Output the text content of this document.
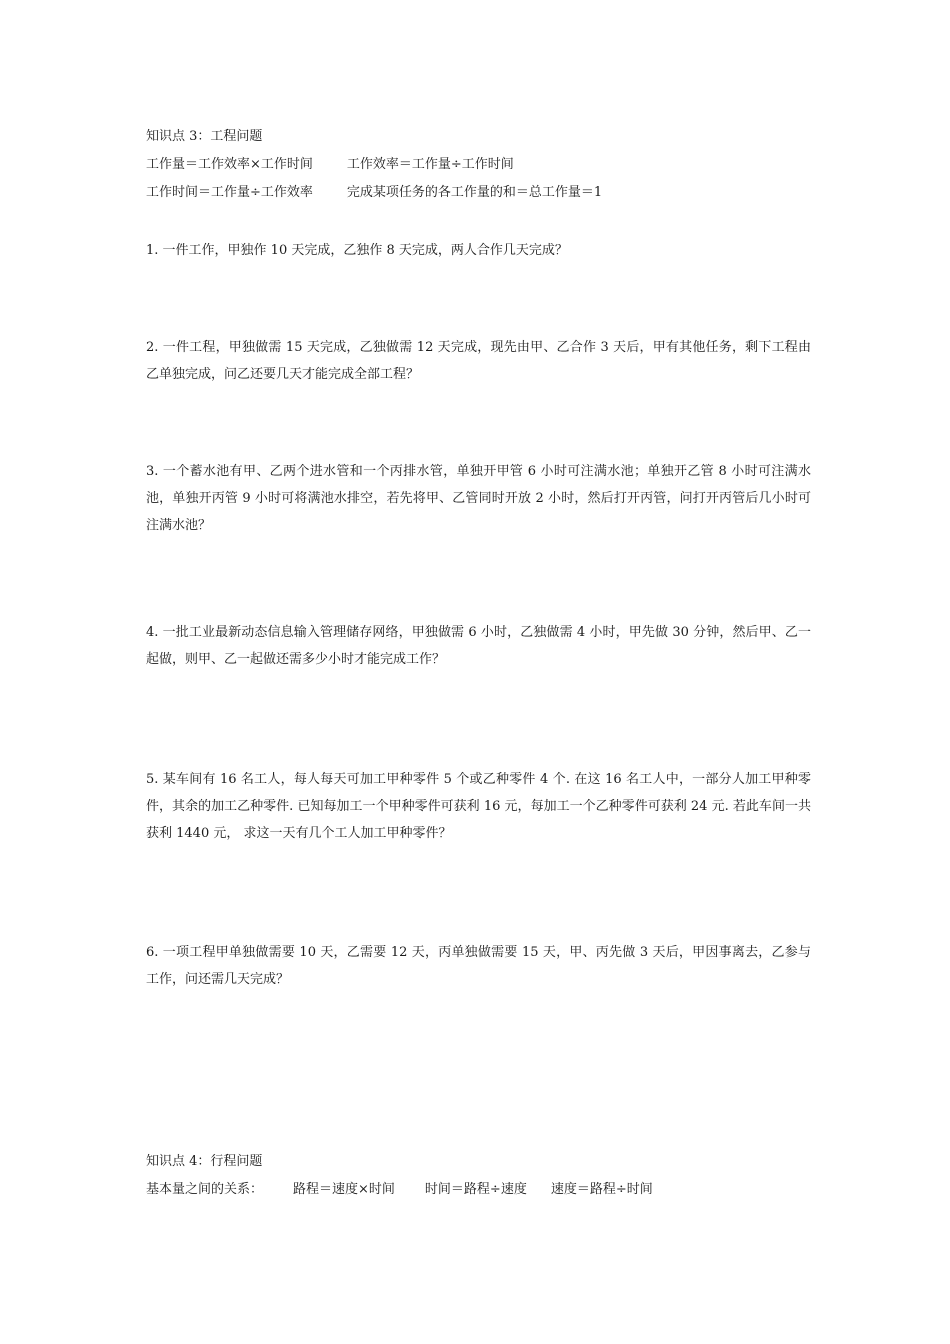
知识点 3：工程问题
工作量＝工作效率×工作时间	工作效率＝工作量÷工作时间
工作时间＝工作量÷工作效率	完成某项任务的各工作量的和＝总工作量＝1
1. 一件工作，甲独作 10 天完成，乙独作 8 天完成，两人合作几天完成？
2. 一件工程，甲独做需 15 天完成，乙独做需 12 天完成，现先由甲、乙合作 3 天后，甲有其他任务，剩下工程由乙单独完成，问乙还要几天才能完成全部工程？
3. 一个蓄水池有甲、乙两个进水管和一个丙排水管，单独开甲管 6 小时可注满水池；单独开乙管 8 小时可注满水池，单独开丙管 9 小时可将满池水排空，若先将甲、乙管同时开放 2 小时，然后打开丙管，问打开丙管后几小时可注满水池？
4. 一批工业最新动态信息输入管理储存网络，甲独做需 6 小时，乙独做需 4 小时，甲先做 30 分钟，然后甲、乙一起做，则甲、乙一起做还需多少小时才能完成工作？
5. 某车间有 16 名工人，每人每天可加工甲种零件 5 个或乙种零件 4 个. 在这 16 名工人中，一部分人加工甲种零件，其余的加工乙种零件. 已知每加工一个甲种零件可获利 16 元，每加工一个乙种零件可获利 24 元. 若此车间一共获利 1440 元， 求这一天有几个工人加工甲种零件？
6. 一项工程甲单独做需要 10 天，乙需要 12 天，丙单独做需要 15 天，甲、丙先做 3 天后，甲因事离去，乙参与工作，问还需几天完成？
知识点 4：行程问题
基本量之间的关系： 路程＝速度×时间 时间＝路程÷速度 速度＝路程÷时间
